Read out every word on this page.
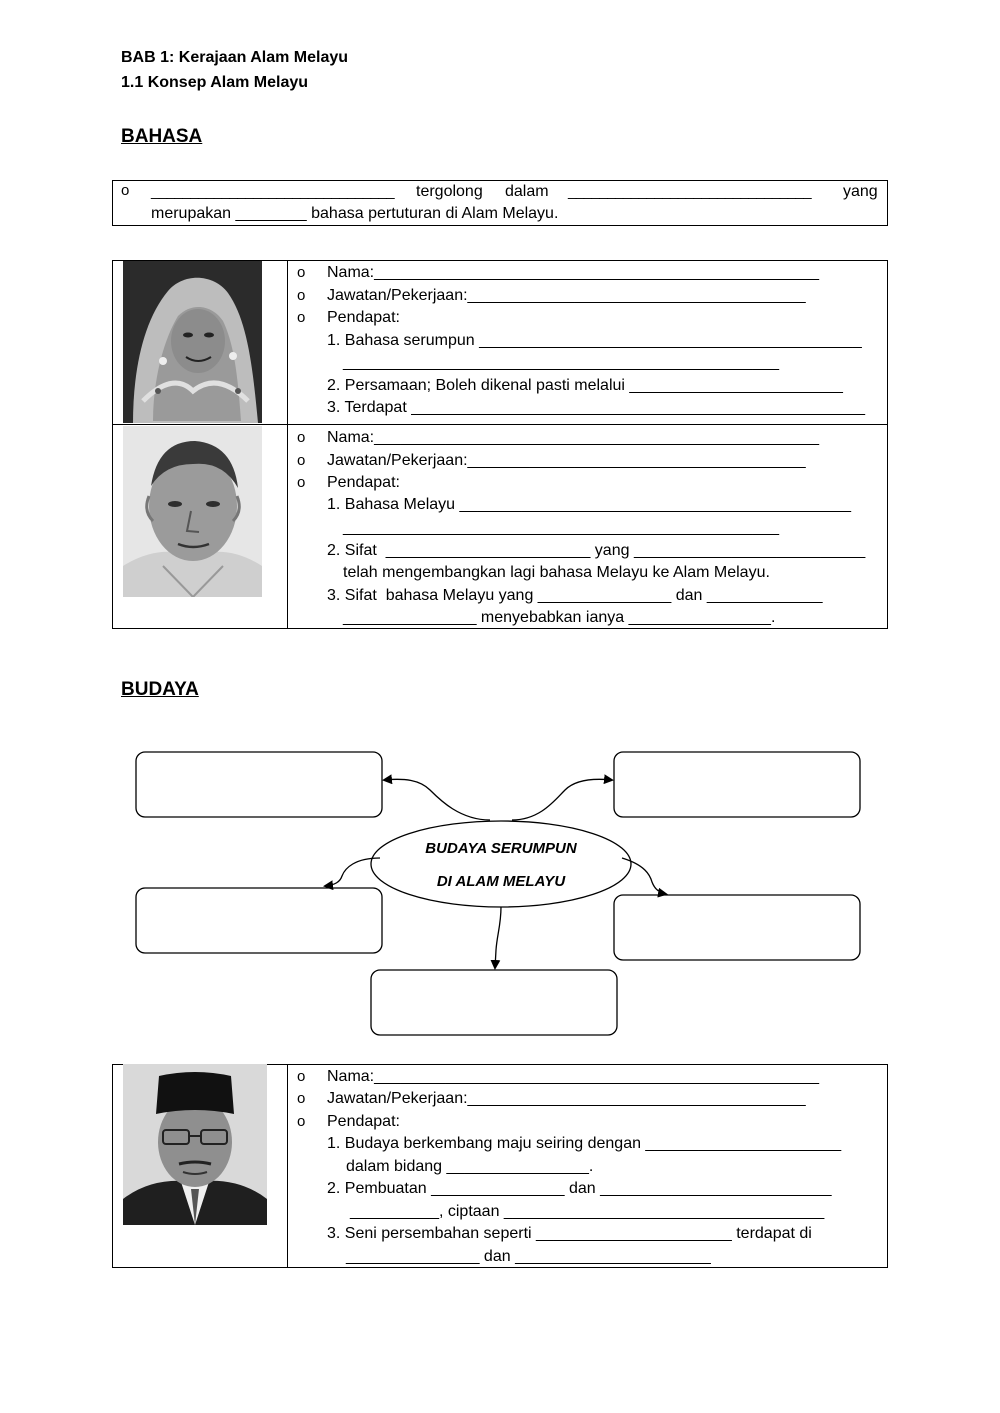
BAB 1: Kerajaan Alam Melayu
1.1 Konsep Alam Melayu
BAHASA
o _______________________________ tergolong dalam _______________________________ yang
merupakan ________ bahasa pertuturan di Alam Melayu.
o Nama:__________________________________________________
o Jawatan/Pekerjaan:______________________________________
o Pendapat:
1. Bahasa serumpun ___________________________________________
_________________________________________________
2. Persamaan; Boleh dikenal pasti melalui ________________________
3. Terdapat ___________________________________________________
o Nama:__________________________________________________
o Jawatan/Pekerjaan:______________________________________
o Pendapat:
1. Bahasa Melayu ____________________________________________
_________________________________________________
2. Sifat  _______________________ yang __________________________
telah mengembangkan lagi bahasa Melayu ke Alam Melayu.
3. Sifat  bahasa Melayu yang _______________ dan _____________
_______________ menyebabkan ianya ________________.
BUDAYA
BUDAYA SERUMPUN
DI ALAM MELAYU
o Nama:__________________________________________________
o Jawatan/Pekerjaan:______________________________________
o Pendapat:
1. Budaya berkembang maju seiring dengan ______________________
dalam bidang ________________.
2. Pembuatan _______________ dan __________________________
__________, ciptaan ____________________________________
3. Seni persembahan seperti ______________________ terdapat di
_______________ dan ______________________
